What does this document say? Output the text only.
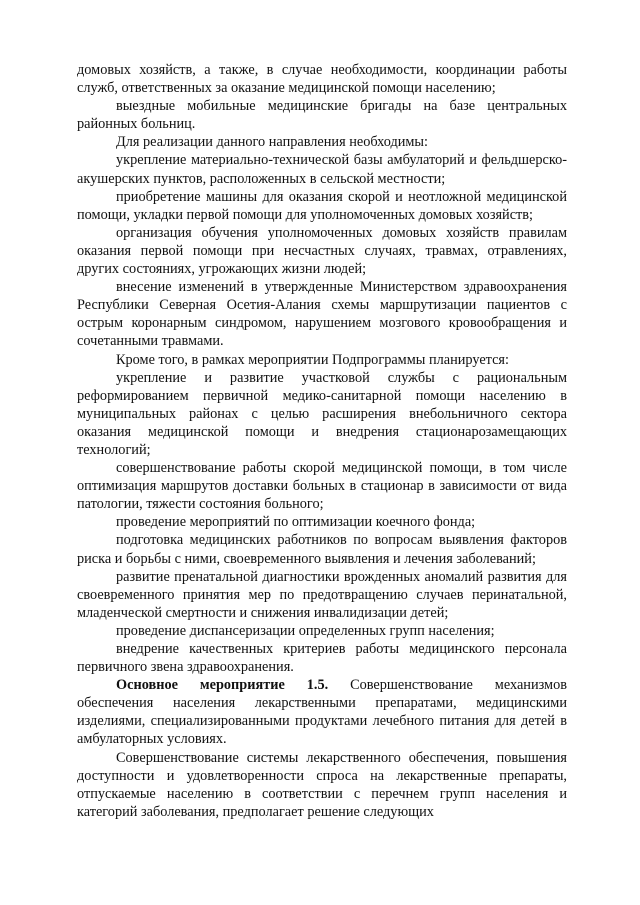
домовых хозяйств, а также, в случае необходимости, координации работы служб, ответственных за оказание медицинской помощи населению;

выездные мобильные медицинские бригады на базе центральных районных больниц.

Для реализации данного направления необходимы:

укрепление материально-технической базы амбулаторий и фельдшерско-акушерских пунктов, расположенных в сельской местности;

приобретение машины для оказания скорой и неотложной медицинской помощи, укладки первой помощи для уполномоченных домовых хозяйств;

организация обучения уполномоченных домовых хозяйств правилам оказания первой помощи при несчастных случаях, травмах, отравлениях, других состояниях, угрожающих жизни людей;

внесение изменений в утвержденные Министерством здравоохранения Республики Северная Осетия-Алания схемы маршрутизации пациентов с острым коронарным синдромом, нарушением мозгового кровообращения и сочетанными травмами.

Кроме того, в рамках мероприятии Подпрограммы планируется:

укрепление и развитие участковой службы с рациональным реформированием первичной медико-санитарной помощи населению в муниципальных районах с целью расширения внебольничного сектора оказания медицинской помощи и внедрения стационарозамещающих технологий;

совершенствование работы скорой медицинской помощи, в том числе оптимизация маршрутов доставки больных в стационар в зависимости от вида патологии, тяжести состояния больного;

проведение мероприятий по оптимизации коечного фонда;

подготовка медицинских работников по вопросам выявления факторов риска и борьбы с ними, своевременного выявления и лечения заболеваний;

развитие пренатальной диагностики врожденных аномалий развития для своевременного принятия мер по предотвращению случаев перинатальной, младенческой смертности и снижения инвалидизации детей;

проведение диспансеризации определенных групп населения;

внедрение качественных критериев работы медицинского персонала первичного звена здравоохранения.

Основное мероприятие 1.5. Совершенствование механизмов обеспечения населения лекарственными препаратами, медицинскими изделиями, специализированными продуктами лечебного питания для детей в амбулаторных условиях.

Совершенствование системы лекарственного обеспечения, повышения доступности и удовлетворенности спроса на лекарственные препараты, отпускаемые населению в соответствии с перечнем групп населения и категорий заболевания, предполагает решение следующих
